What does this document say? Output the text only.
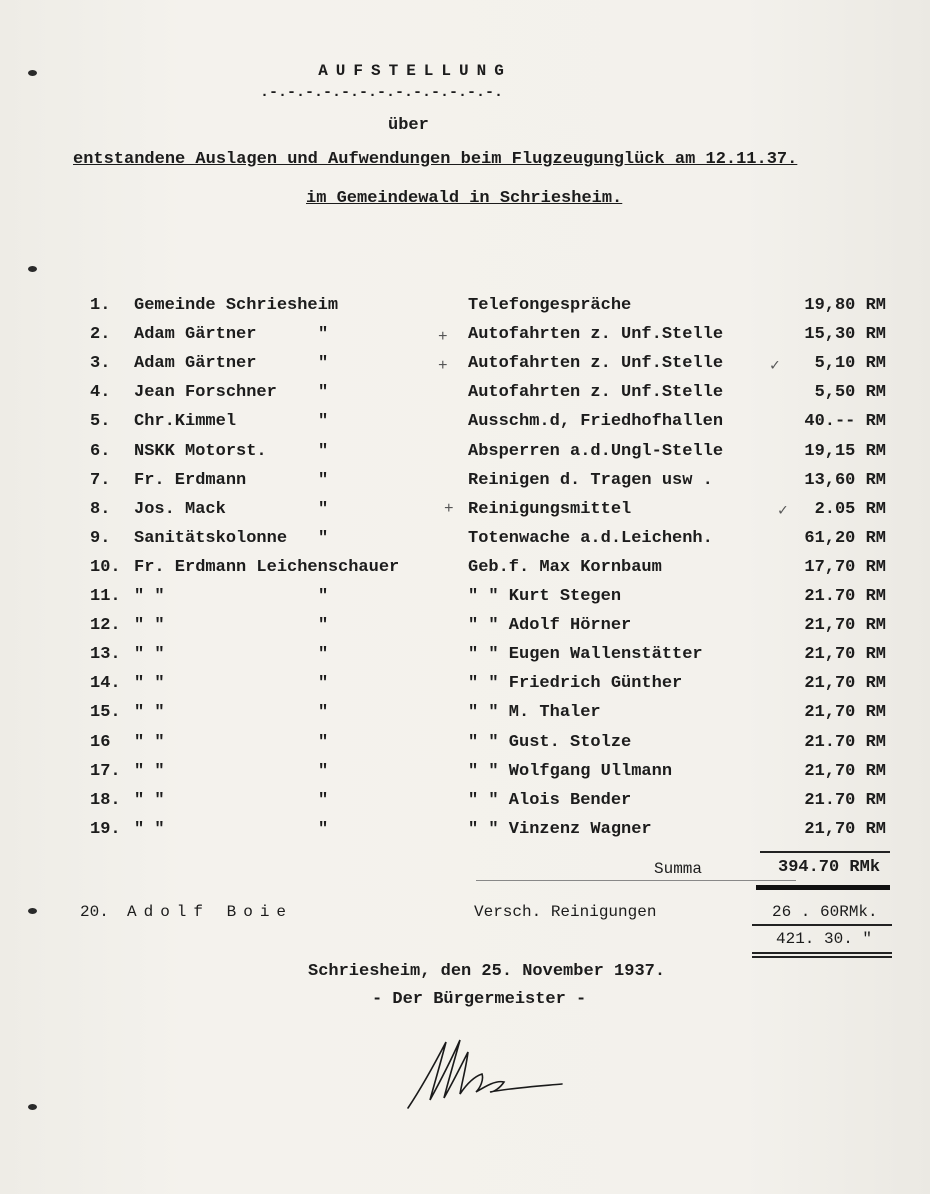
AUFSTELLUNG
.-.-.-.-.-.-.-.-.-.-.-.-.-.
über
entstandene Auslagen und Aufwendungen beim Flugzeugunglück am 12.11.37.
im Gemeindewald in Schriesheim.
1.	Gemeinde Schriesheim	Telefongespräche	19,80 RM
2.	Adam Gärtner	"	Autofahrten z. Unf.Stelle	15,30 RM
3.	Adam Gärtner	"	Autofahrten z. Unf.Stelle	5,10 RM
4.	Jean Forschner "	Autofahrten z. Unf.Stelle	5,50 RM
5.	Chr.Kimmel	"	Ausschm.d, Friedhofhallen	40.-- RM
6.	NSKK Motorst.	"	Absperren a.d.Ungl-Stelle	19,15 RM
7.	Fr. Erdmann	"	Reinigen d. Tragen usw .	13,60 RM
8.	Jos. Mack	"	Reinigungsmittel	2.05 RM
9.	Sanitätskolonne "	Totenwache a.d.Leichenh.	61,20 RM
10. Fr. Erdmann Leichenschauer	Geb.f. Max Kornbaum	17,70 RM
11. " "	"	" " Kurt Stegen	21.70 RM
12. " "	"	" " Adolf Hörner	21,70 RM
13. " "	"	" " Eugen Wallenstätter	21,70 RM
14. " "	"	" " Friedrich Günther	21,70 RM
15. " "	"	" " M. Thaler	21,70 RM
16	" "	"	" " Gust. Stolze	21.70 RM
17. " "	"	" " Wolfgang Ullmann	21,70 RM
18. " "	"	" " Alois Bender	21.70 RM
19. " "	"	" " Vinzenz Wagner	21,70 RM
+
+	✓
+	✓
Summa	394.70 RMk
20. Adolf Boie	Versch. Reinigungen	26 . 60RMk.
421. 30. "
Schriesheim, den 25. November 1937.
- Der Bürgermeister -
